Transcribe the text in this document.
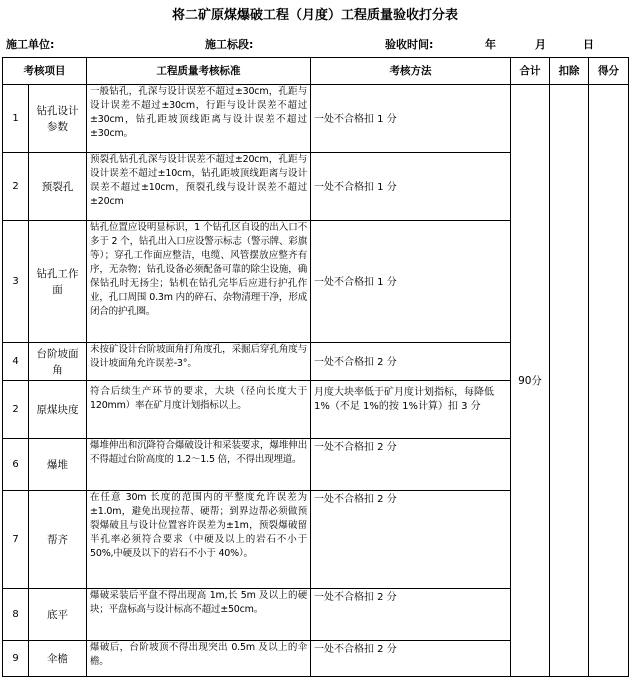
将二矿原煤爆破工程（月度）工程质量验收打分表
施工单位:	施工标段:	验收时间:	年	月	日
考核项目		工程质量考核标准	考核方法	合计	扣除	得分
1	钻孔设计参数	一般钻孔，孔深与设计误差不超过±30cm，孔距与设计误差不超过±30cm，行距与设计误差不超过±30cm，钻孔距坡顶线距离与设计误差不超过±30cm。	一处不合格扣 1 分	90分		
2	预裂孔	预裂孔钻孔孔深与设计误差不超过±20cm，孔距与设计误差不超过±10cm，钻孔距坡顶线距离与设计误差不超过±10cm，预裂孔线与设计误差不超过±20cm	一处不合格扣 1 分			
3	钻孔工作面	钻孔位置应设明显标识，1 个钻孔区自设的出入口不多于 2 个，钻孔出入口应设警示标志（警示牌、彩旗等）；穿孔工作面应整洁，电缆、风管摆放应整齐有序，无杂物；钻孔设备必须配备可靠的除尘设施，确保钻孔时无扬尘；钻机在钻孔完毕后应进行护孔作业，孔口周围 0.3m 内的碎石、杂物清理干净，形成闭合的护孔圈。	一处不合格扣 1 分			
4	台阶坡面角	未按矿设计台阶坡面角打角度孔，采掘后穿孔角度与设计坡面角允许误差-3°。	一处不合格扣 2 分			
2	原煤块度	符合后续生产环节的要求，大块（径向长度大于 120mm）率在矿月度计划指标以上。	月度大块率低于矿月度计划指标，每降低 1%（不足 1%的按 1%计算）扣 3 分			
6	爆堆	爆堆伸出和沉降符合爆破设计和采装要求，爆堆伸出不得超过台阶高度的 1.2～1.5 倍，不得出现埋道。	一处不合格扣 2 分			
7	帮齐	在任意 30m 长度的范围内的平整度允许误差为±1.0m，避免出现拉帮、硬帮；到界边帮必须做预裂爆破且与设计位置容许误差为±1m，预裂爆破留半孔率必须符合要求（中硬及以上的岩石不小于 50%,中硬及以下的岩石不小于 40%）。	一处不合格扣 2 分			
8	底平	爆破采装后平盘不得出现高 1m,长 5m 及以上的硬块；平盘标高与设计标高不超过±50cm。	一处不合格扣 2 分			
9	伞檐	爆破后，台阶坡顶不得出现突出 0.5m 及以上的伞檐。	一处不合格扣 2 分			
